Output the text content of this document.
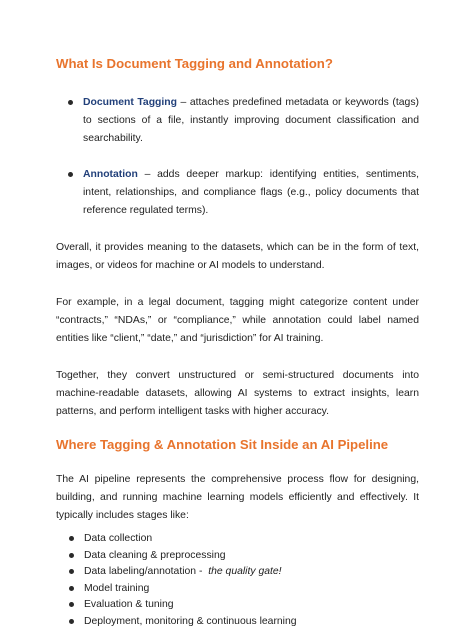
What Is Document Tagging and Annotation?
Document Tagging – attaches predefined metadata or keywords (tags) to sections of a file, instantly improving document classification and searchability.
Annotation – adds deeper markup: identifying entities, sentiments, intent, relationships, and compliance flags (e.g., policy documents that reference regulated terms).

Overall, it provides meaning to the datasets, which can be in the form of text, images, or videos for machine or AI models to understand.

For example, in a legal document, tagging might categorize content under “contracts,” “NDAs,” or “compliance,” while annotation could label named entities like “client,” “date,” and “jurisdiction” for AI training.

Together, they convert unstructured or semi-structured documents into machine-readable datasets, allowing AI systems to extract insights, learn patterns, and perform intelligent tasks with higher accuracy.

Where Tagging & Annotation Sit Inside an AI Pipeline

The AI pipeline represents the comprehensive process flow for designing, building, and running machine learning models efficiently and effectively. It typically includes stages like:

Data collection
Data cleaning & preprocessing
Data labeling/annotation - the quality gate!
Model training
Evaluation & tuning
Deployment, monitoring & continuous learning
